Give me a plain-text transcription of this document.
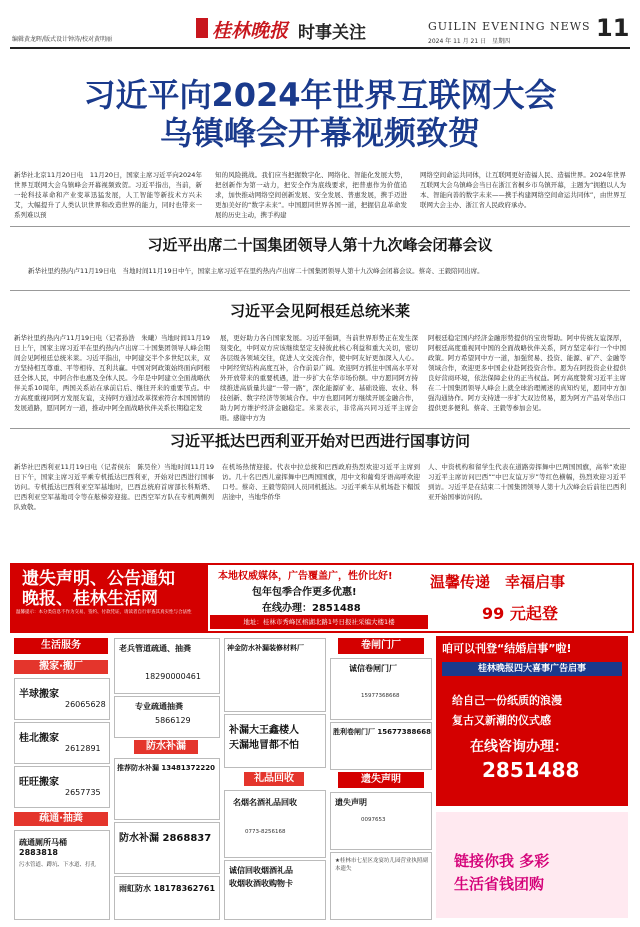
编辑黄龙晖/版式设计钟涛/校对黄明丽	桂林晚报 时事关注	GUILIN EVENING NEWS
2024 年 11 月 21 日　星期四	11
习近平向2024年世界互联网大会
乌镇峰会开幕视频致贺
新华社北京11月20日电　11月20日，国家主席习近平向2024年世界互联网大会乌镇峰会开幕视频致贺。习近平指出，当前，新一轮科技革命和产业变革迅猛发展，人工智能等新技术方兴未艾，大幅提升了人类认识世界和改造世界的能力，同时也带来一系列难以预
知的风险挑战。我们应当把握数字化、网络化、智能化发展大势，把创新作为第一动力，把安全作为底线要求，把普惠作为价值追求，加快推动网络空间创新发展、安全发展、普惠发展，携手迈进更加美好的“数字未来”。中国愿同世界各国一道，把握信息革命发展的历史主动，携手构建
网络空间命运共同体，让互联网更好造福人民、造福世界。2024年世界互联网大会乌镇峰会当日在浙江省桐乡市乌镇开幕，主题为“拥抱以人为本、智能向善的数字未来——携手构建网络空间命运共同体”，由世界互联网大会主办、浙江省人民政府承办。
习近平出席二十国集团领导人第十九次峰会闭幕会议
新华社里约热内卢11月19日电　当地时间11月19日中午，国家主席习近平在里约热内卢出席二十国集团领导人第十九次峰会闭幕会议。蔡奇、王毅陪同出席。
习近平会见阿根廷总统米莱
新华社里约热内卢11月19日电（记者孙浩　朱曦）当地时间11月19日上午，国家主席习近平在里约热内卢出席二十国集团领导人峰会期间会见阿根廷总统米莱。习近平指出，中阿建交半个多世纪以来，双方坚持相互尊重、平等相待、互利共赢。中国对阿政策始终面向阿根廷全体人民，中阿合作也惠及全体人民。今年是中阿建立全面战略伙伴关系10周年，两国关系站在承前启后、继往开来的重要节点。中方高度重视同阿方发展友谊，支持阿方通过改革探索符合本国国情的发展道路，愿同阿方一道，推动中阿全面战略伙伴关系长期稳定发
展，更好助力各自国家发展。习近平强调，当前世界形势正在发生深刻变化，中阿双方应该继续坚定支持彼此核心利益和重大关切，密切各层级各领域交往，促进人文交流合作，使中阿友好更加深入人心。中阿经贸结构高度互补，合作前景广阔。欢迎阿方抓住中国高水平对外开放带来的重要机遇，进一步扩大在华市场份额。中方愿同阿方持续推进高质量共建“一带一路”，深化能源矿业、基础设施、农业、科技创新、数字经济等领域合作。中方也愿同阿方继续开展金融合作，助力阿方维护经济金融稳定。米莱表示，非常高兴同习近平主席会晤。感谢中方为
阿根廷稳定国内经济金融形势提供的宝贵帮助。阿中传统友谊深厚，阿根廷高度重视同中国的全面战略伙伴关系，阿方坚定奉行一个中国政策。阿方希望同中方一道，加强贸易、投资、能源、矿产、金融等领域合作，欢迎更多中国企业赴阿投资合作。愿为在阿投资企业提供良好营商环境，依法保障企业的正当权益。阿方高度赞赏习近平主席在二十国集团领导人峰会上就全球治理阐述的真知灼见，愿同中方加强沟通协作。阿方支持进一步扩大双边贸易，愿为阿方产品对华出口提供更多便利。蔡奇、王毅等参加会见。
习近平抵达巴西利亚开始对巴西进行国事访问
新华社巴西利亚11月19日电（记者侯东　陈昊佺）当地时间11月19日下午，国家主席习近平乘专机抵达巴西利亚，开始对巴西进行国事访问。专机抵达巴西利亚空军基地时，巴西总统府首席部长科斯塔、巴西利亚空军基地司令等在舷梯旁迎接。巴西空军方队在专机两侧列队致敬。
在机场热情迎接。代表中拉总统和巴西政府热烈欢迎习近平主席到访。几十名巴西儿童挥舞中巴两国国旗，用中文和葡萄牙语高呼欢迎口号。蔡奇、王毅等陪同人员同机抵达。习近平乘车从机场赴下榻饭店途中，当地华侨华
人、中资机构和留学生代表在道路旁挥舞中巴两国国旗，高举“欢迎习近平主席访问巴西”“中巴友谊万岁”等红色横幅，热烈欢迎习近平到访。习近平是在结束二十国集团领导人第十九次峰会后前往巴西利亚开始国事访问的。
遗失声明、公告通知
晚报、桂林生活网
温馨提示：本分类信息不作为交易、签约、付款凭证，请读者自行审查其真实性与合法性
本地权威媒体，广告覆盖广，性价比好!
包年包季合作更多优惠!
在线办理：2851488
地址：桂林市秀峰区榕湖北路1号日报社采编大楼1楼
温馨传递　幸福启事
99 元起登
生活服务
搬家·搬厂
半球搬家
26065628
桂北搬家
2612891
旺旺搬家
2657735
疏通·抽粪
疏通厕所马桶 2883818
污水管道、蹲坑、下水道、打孔
老兵管道疏通、抽粪
18290000461
专业疏通抽粪
5866129
防水补漏
推荐防水补漏 13481372220
防水补漏 2868837
雨虹防水 18178362761
神金防水补漏装修材料厂
补漏大王鑫楼人
天漏地冒都不怕
礼品回收
名烟名酒礼品回收
0773-8256168
诚信回收烟酒礼品
收烟收酒收购物卡
卷闸门厂
诚信卷闸门厂
15977368668
胜利卷闸门厂 15677388668
遗失声明
遗失声明
0097653
★桂林市七星区龙宴坊儿园营业执照副本遗失
咱可以刊登“结婚启事”啦!
桂林晚报四大喜事广告启事
给自己一份纸质的浪漫
复古又新潮的仪式感
在线咨询办理：
2851488
链接你我 多彩
生活省钱团购
